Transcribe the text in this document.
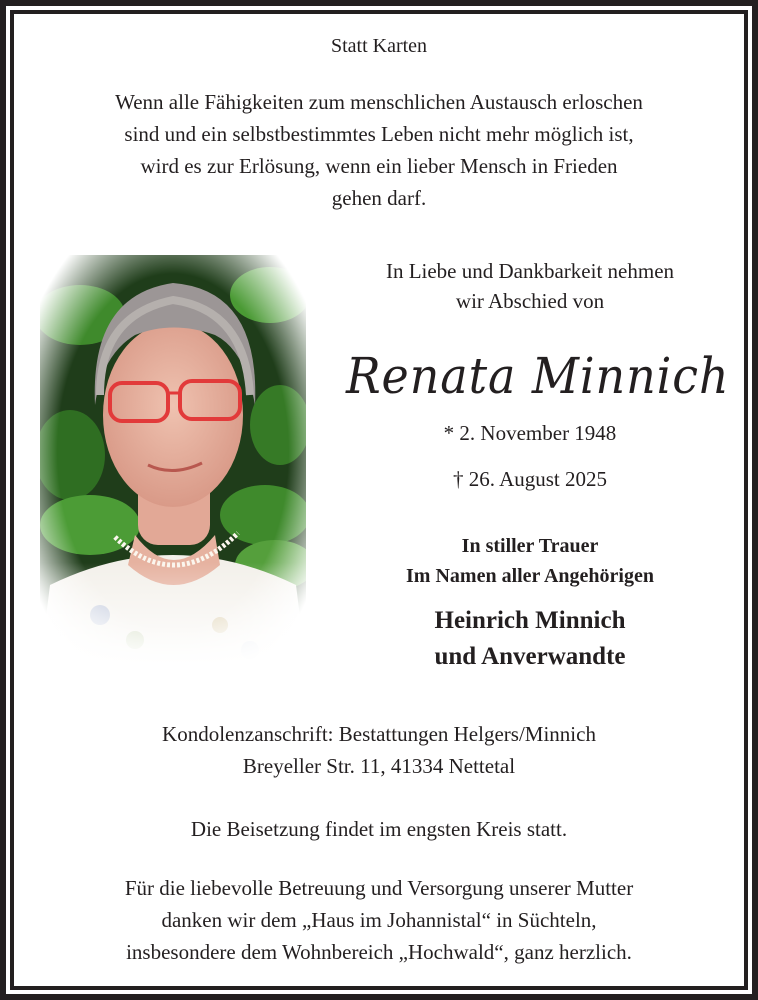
Statt Karten
Wenn alle Fähigkeiten zum menschlichen Austausch erloschen
sind und ein selbstbestimmtes Leben nicht mehr möglich ist,
wird es zur Erlösung, wenn ein lieber Mensch in Frieden
gehen darf.
In Liebe und Dankbarkeit nehmen
wir Abschied von
Renata Minnich
* 2. November 1948
† 26. August 2025
In stiller Trauer
Im Namen aller Angehörigen
Heinrich Minnich
und Anverwandte
Kondolenzanschrift: Bestattungen Helgers/Minnich
Breyeller Str. 11, 41334 Nettetal
Die Beisetzung findet im engsten Kreis statt.
Für die liebevolle Betreuung und Versorgung unserer Mutter
danken wir dem „Haus im Johannistal“ in Süchteln,
insbesondere dem Wohnbereich „Hochwald“, ganz herzlich.
